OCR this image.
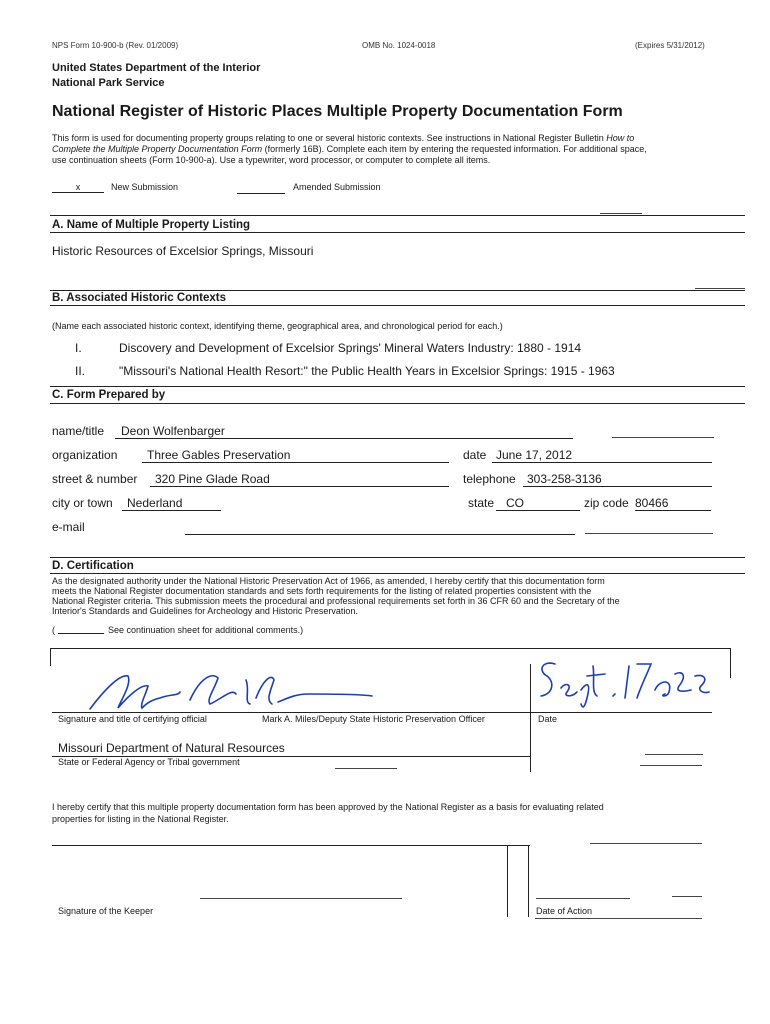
NPS Form 10-900-b (Rev. 01/2009)	OMB No. 1024-0018	(Expires 5/31/2012)
United States Department of the Interior
National Park Service
National Register of Historic Places Multiple Property Documentation Form
This form is used for documenting property groups relating to one or several historic contexts. See instructions in National Register Bulletin How to
Complete the Multiple Property Documentation Form (formerly 16B). Complete each item by entering the requested information. For additional space,
use continuation sheets (Form 10-900-a). Use a typewriter, word processor, or computer to complete all items.
x	New Submission	Amended Submission
A. Name of Multiple Property Listing
Historic Resources of Excelsior Springs, Missouri
B. Associated Historic Contexts
(Name each associated historic context, identifying theme, geographical area, and chronological period for each.)
I.	Discovery and Development of Excelsior Springs' Mineral Waters Industry: 1880 - 1914
II.	"Missouri's National Health Resort:" the Public Health Years in Excelsior Springs: 1915 - 1963
C. Form Prepared by
name/title	Deon Wolfenbarger
organization	Three Gables Preservation	date June 17, 2012
street & number	320 Pine Glade Road	telephone 303-258-3136
city or town	Nederland	state CO	zip code 80466
e-mail
D. Certification
As the designated authority under the National Historic Preservation Act of 1966, as amended, I hereby certify that this documentation form
meets the National Register documentation standards and sets forth requirements for the listing of related properties consistent with the
National Register criteria. This submission meets the procedural and professional requirements set forth in 36 CFR 60 and the Secretary of the
Interior's Standards and Guidelines for Archeology and Historic Preservation.
(	See continuation sheet for additional comments.)
Signature and title of certifying official	Mark A. Miles/Deputy State Historic Preservation Officer	Date
Missouri Department of Natural Resources
State or Federal Agency or Tribal government
I hereby certify that this multiple property documentation form has been approved by the National Register as a basis for evaluating related
properties for listing in the National Register.
Signature of the Keeper	Date of Action
